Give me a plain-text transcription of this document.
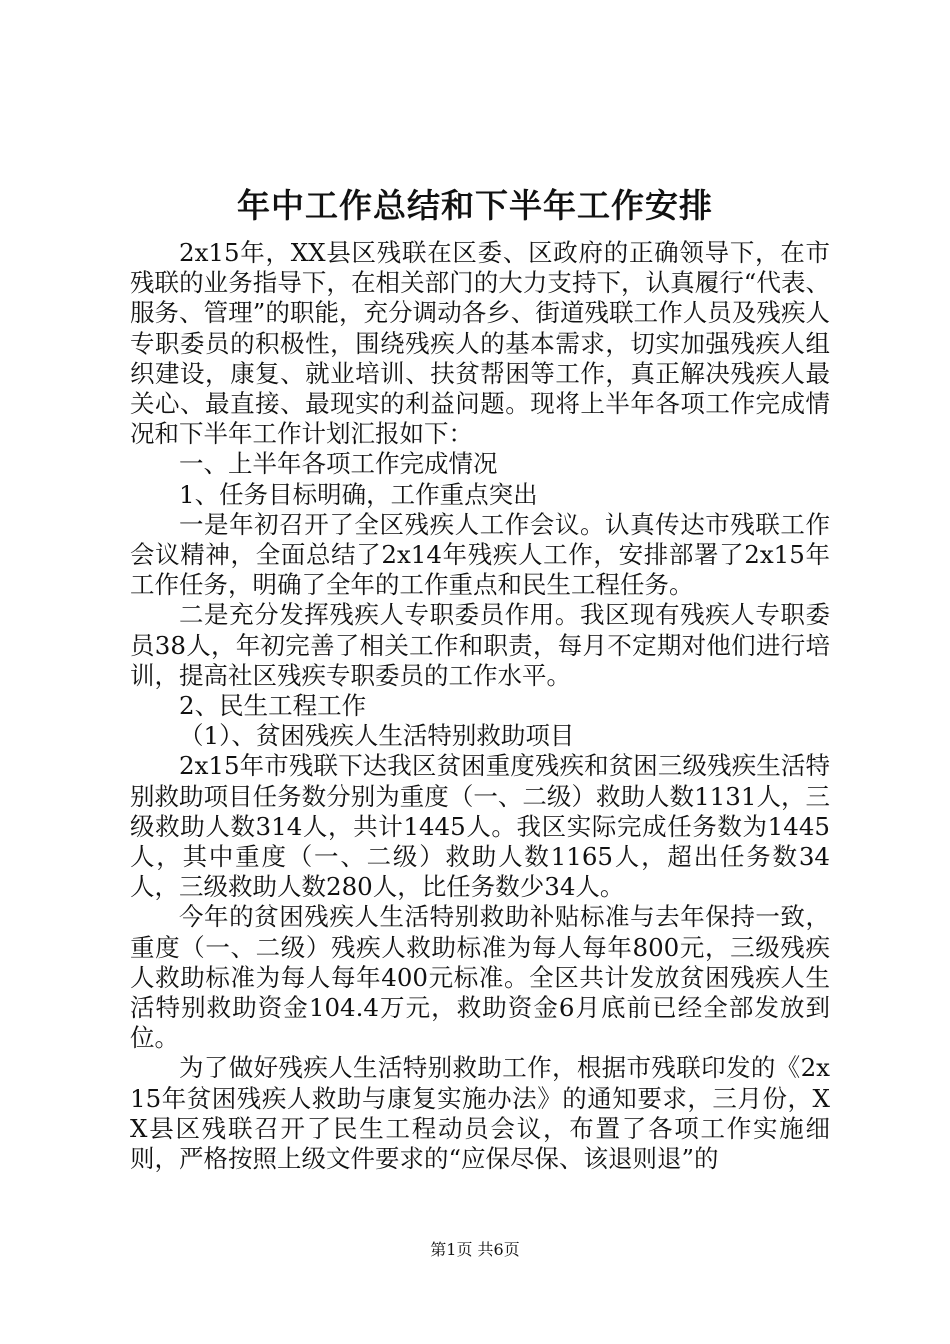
年中工作总结和下半年工作安排

2x15年，XX县区残联在区委、区政府的正确领导下，在市残联的业务指导下，在相关部门的大力支持下，认真履行“代表、服务、管理”的职能，充分调动各乡、街道残联工作人员及残疾人专职委员的积极性，围绕残疾人的基本需求，切实加强残疾人组织建设，康复、就业培训、扶贫帮困等工作，真正解决残疾人最关心、最直接、最现实的利益问题。现将上半年各项工作完成情况和下半年工作计划汇报如下：

一、上半年各项工作完成情况

1、任务目标明确，工作重点突出

一是年初召开了全区残疾人工作会议。认真传达市残联工作会议精神，全面总结了2x14年残疾人工作，安排部署了2x15年工作任务，明确了全年的工作重点和民生工程任务。

二是充分发挥残疾人专职委员作用。我区现有残疾人专职委员38人，年初完善了相关工作和职责，每月不定期对他们进行培训，提高社区残疾专职委员的工作水平。

2、民生工程工作

（1）、贫困残疾人生活特别救助项目

2x15年市残联下达我区贫困重度残疾和贫困三级残疾生活特别救助项目任务数分别为重度（一、二级）救助人数1131人，三级救助人数314人，共计1445人。我区实际完成任务数为1445人，其中重度（一、二级）救助人数1165人，超出任务数34人，三级救助人数280人，比任务数少34人。

今年的贫困残疾人生活特别救助补贴标准与去年保持一致，重度（一、二级）残疾人救助标准为每人每年800元，三级残疾人救助标准为每人每年400元标准。全区共计发放贫困残疾人生活特别救助资金104.4万元，救助资金6月底前已经全部发放到位。

为了做好残疾人生活特别救助工作，根据市残联印发的《2x15年贫困残疾人救助与康复实施办法》的通知要求，三月份，XX县区残联召开了民生工程动员会议，布置了各项工作实施细则，严格按照上级文件要求的“应保尽保、该退则退”的

第1页 共6页
